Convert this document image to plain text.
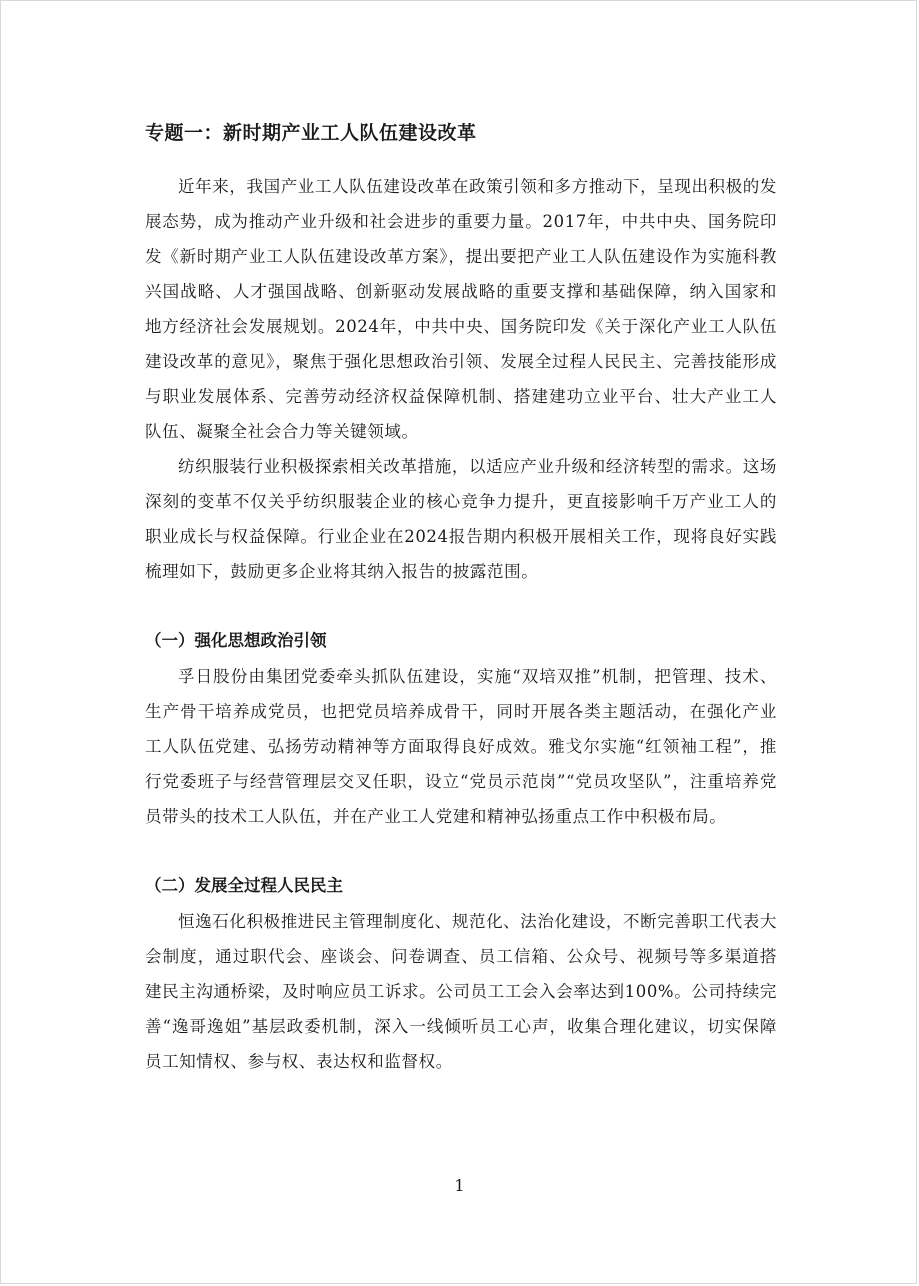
专题一：新时期产业工人队伍建设改革

近年来，我国产业工人队伍建设改革在政策引领和多方推动下，呈现出积极的发展态势，成为推动产业升级和社会进步的重要力量。2017年，中共中央、国务院印发《新时期产业工人队伍建设改革方案》，提出要把产业工人队伍建设作为实施科教兴国战略、人才强国战略、创新驱动发展战略的重要支撑和基础保障，纳入国家和地方经济社会发展规划。2024年，中共中央、国务院印发《关于深化产业工人队伍建设改革的意见》，聚焦于强化思想政治引领、发展全过程人民民主、完善技能形成与职业发展体系、完善劳动经济权益保障机制、搭建建功立业平台、壮大产业工人队伍、凝聚全社会合力等关键领域。

纺织服装行业积极探索相关改革措施，以适应产业升级和经济转型的需求。这场深刻的变革不仅关乎纺织服装企业的核心竞争力提升，更直接影响千万产业工人的职业成长与权益保障。行业企业在2024报告期内积极开展相关工作，现将良好实践梳理如下，鼓励更多企业将其纳入报告的披露范围。

（一）强化思想政治引领

孚日股份由集团党委牵头抓队伍建设，实施“双培双推”机制，把管理、技术、生产骨干培养成党员，也把党员培养成骨干，同时开展各类主题活动，在强化产业工人队伍党建、弘扬劳动精神等方面取得良好成效。雅戈尔实施“红领袖工程”，推行党委班子与经营管理层交叉任职，设立“党员示范岗”“党员攻坚队”，注重培养党员带头的技术工人队伍，并在产业工人党建和精神弘扬重点工作中积极布局。

（二）发展全过程人民民主

恒逸石化积极推进民主管理制度化、规范化、法治化建设，不断完善职工代表大会制度，通过职代会、座谈会、问卷调查、员工信箱、公众号、视频号等多渠道搭建民主沟通桥梁，及时响应员工诉求。公司员工工会入会率达到100%。公司持续完善“逸哥逸姐”基层政委机制，深入一线倾听员工心声，收集合理化建议，切实保障员工知情权、参与权、表达权和监督权。

1
